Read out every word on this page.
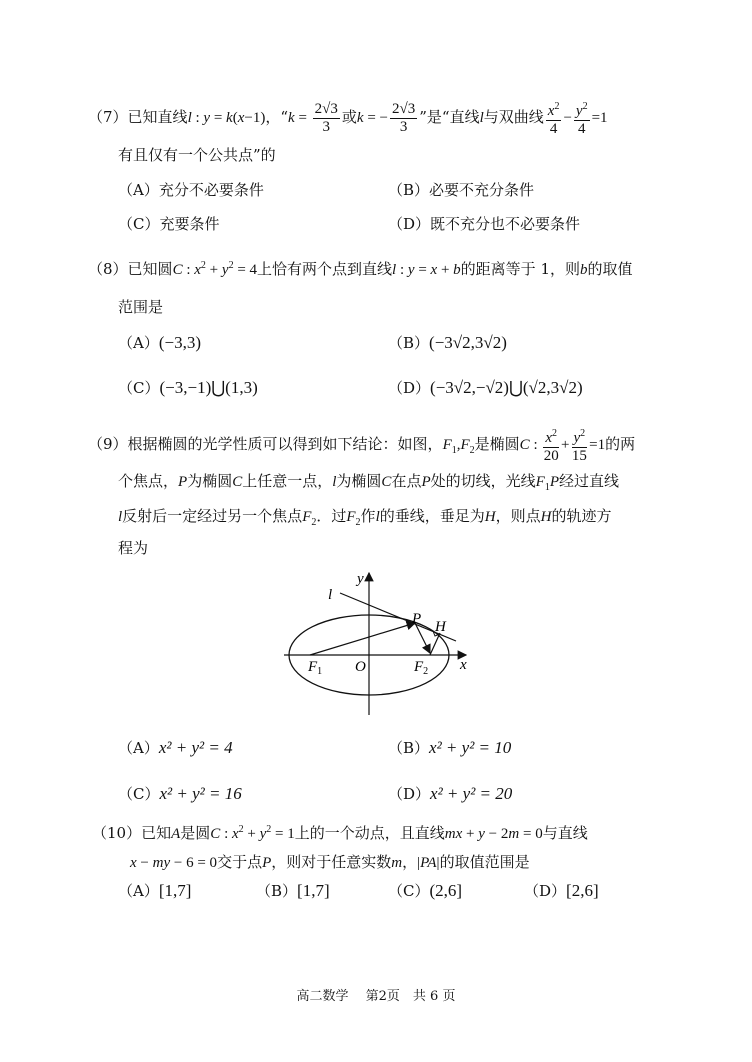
（7）已知直线l : y = k(x−1)，“$k = \frac{2√3}{3}$ 或k = − $\frac{2√3}{3}$ ”是“直线l与双曲线 $\frac{x^2}{4} - \frac{y^2}{4} =1$
有且仅有一个公共点”的
（A）充分不必要条件	（B）必要不充分条件
（C）充要条件	（D）既不充分也不必要条件
（8）已知圆C : $x^2 + y^2 = 4$上恰有两个点到直线l : y = x + b的距离等于 1，则b的取值
范围是
（A）(−3,3)	（B）(−3√2,3√2)
（C）(−3,−1)⋃(1,3)	（D）(−3√2,−√2)⋃(√2,3√2)
（9）根据椭圆的光学性质可以得到如下结论：如图，$F_1,F_2$是椭圆C : $\frac{x^2}{20} + \frac{y^2}{15} =1$的两
个焦点，P为椭圆C上任意一点，l为椭圆C在点P处的切线，光线$F_1P$经过直线
l反射后一定经过另一个焦点$F_2$．过$F_2$作l的垂线，垂足为H，则点H的轨迹方
程为
y
x
l
P H
O
$F_1$	$F_2$
（A）x² + y² = 4	（B）x² + y² = 10
（C）x² + y² = 16	（D）x² + y² = 20
（10）已知A是圆C : $x^2 + y^2 = 1$上的一个动点，且直线mx + y − 2m = 0与直线
x − my − 6 = 0交于点P，则对于任意实数m，|PA|的取值范围是
（A）[1,7]	（B）[1,7]	（C）(2,6]	（D）[2,6]
高二数学　 第2页　共 6 页
